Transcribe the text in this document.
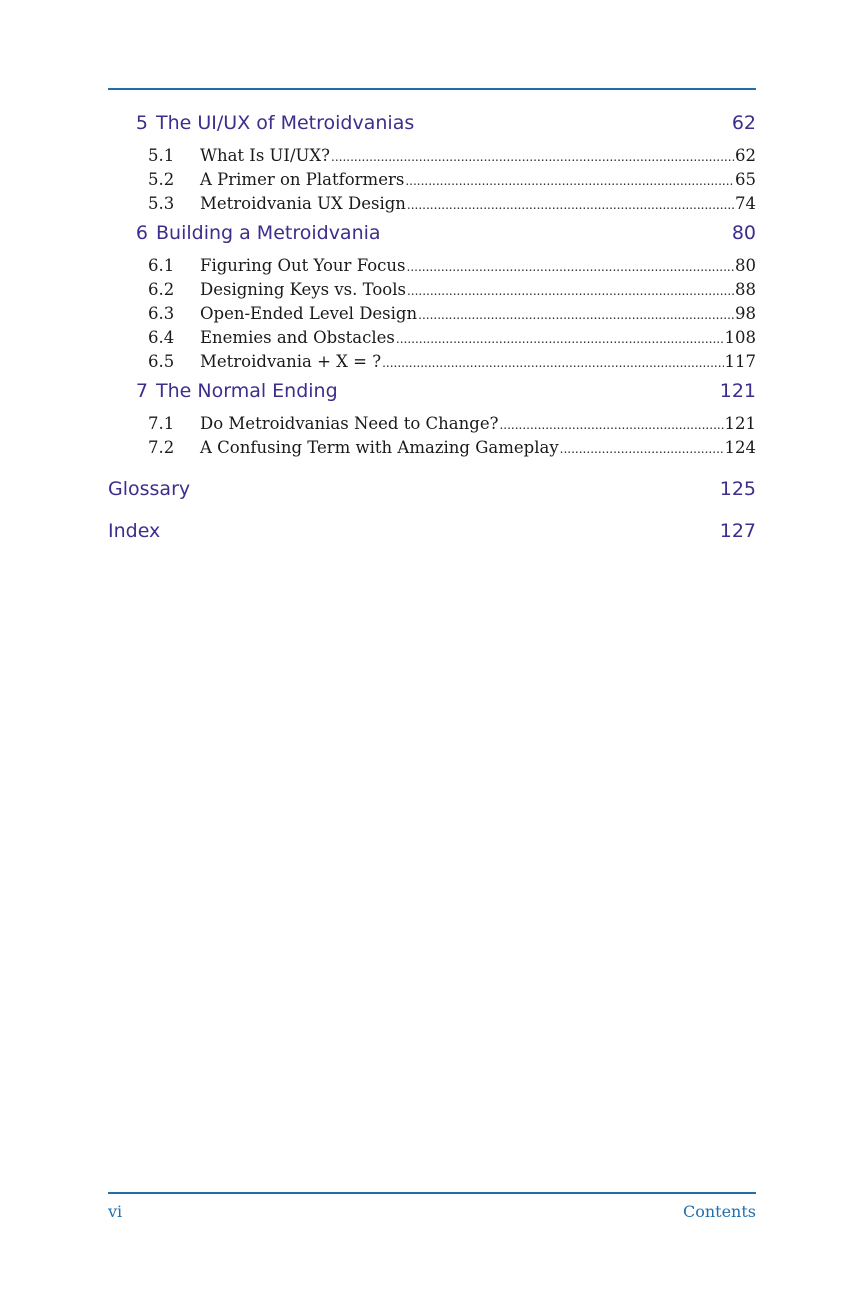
5 The UI/UX of Metroidvanias	62
5.1	What Is UI/UX? .....	62
5.2	A Primer on Platformers .....	65
5.3	Metroidvania UX Design .....	74
6 Building a Metroidvania	80
6.1	Figuring Out Your Focus .....	80
6.2	Designing Keys vs. Tools .....	88
6.3	Open-Ended Level Design .....	98
6.4	Enemies and Obstacles .....	108
6.5	Metroidvania + X = ? .....	117
7 The Normal Ending	121
7.1	Do Metroidvanias Need to Change? .....	121
7.2	A Confusing Term with Amazing Gameplay .....	124
Glossary	125
Index	127
vi	Contents
